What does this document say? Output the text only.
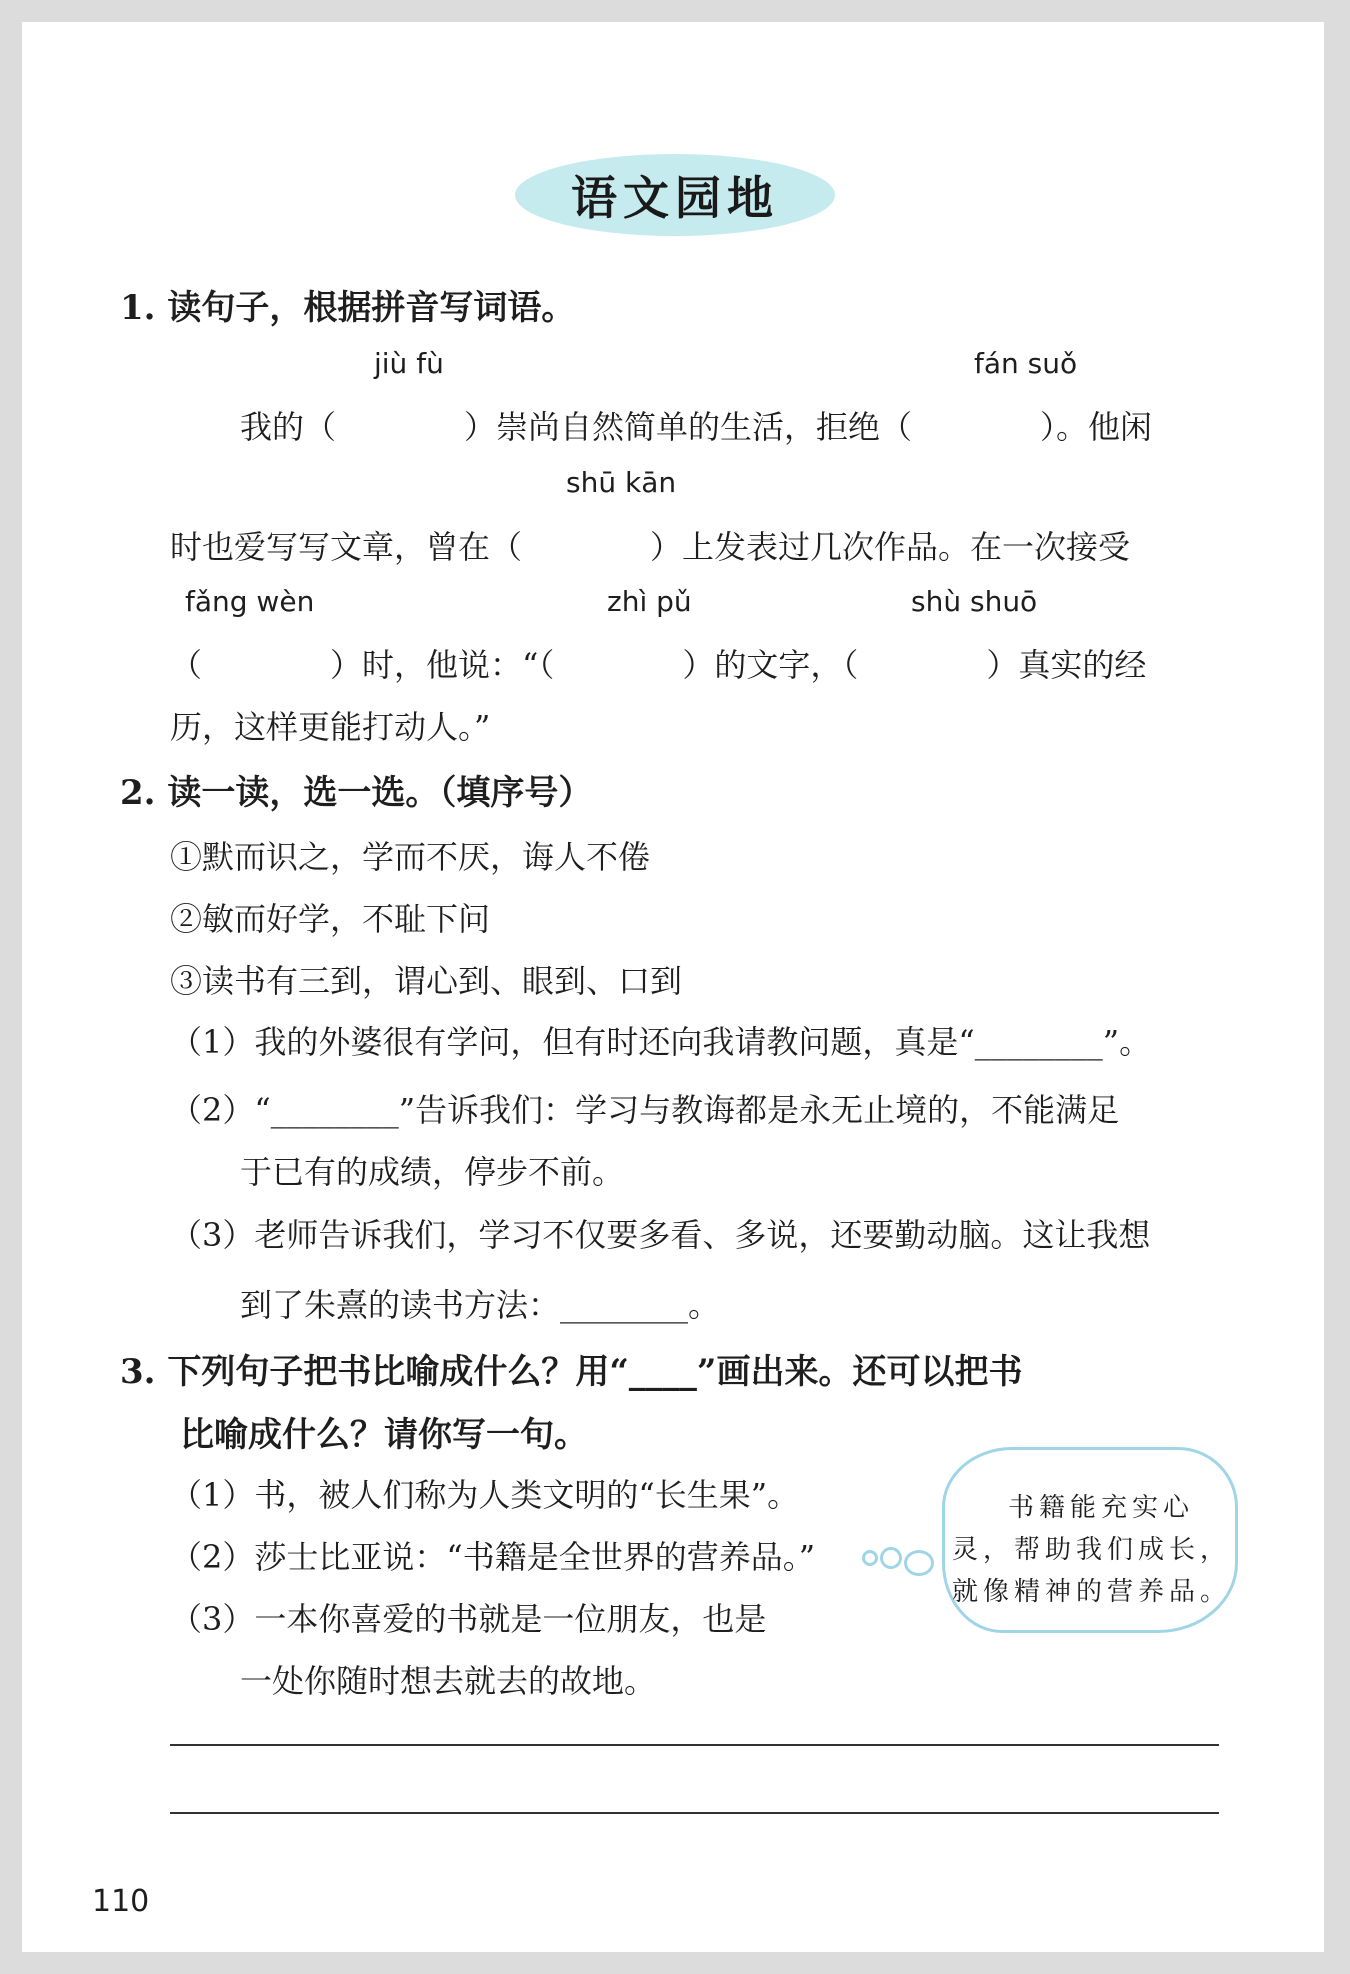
语文园地
1. 读句子，根据拼音写词语。
jiù fù	fán suǒ
我的（　　　　）崇尚自然简单的生活，拒绝（　　　　）。他闲
shū kān
时也爱写写文章，曾在（　　　　）上发表过几次作品。在一次接受
fǎng wèn	zhì pǔ	shù shuō
（　　　　）时，他说：“（　　　　）的文字，（　　　　）真实的经
历，这样更能打动人。”
2. 读一读，选一选。（填序号）
①默而识之，学而不厌，诲人不倦
②敏而好学，不耻下问
③读书有三到，谓心到、眼到、口到
（1）我的外婆很有学问，但有时还向我请教问题，真是“________”。
（2）“________”告诉我们：学习与教诲都是永无止境的，不能满足
于已有的成绩，停步不前。
（3）老师告诉我们，学习不仅要多看、多说，还要勤动脑。这让我想
到了朱熹的读书方法：________。
3. 下列句子把书比喻成什么？用“____”画出来。还可以把书
比喻成什么？请你写一句。
（1）书，被人们称为人类文明的“长生果”。
（2）莎士比亚说：“书籍是全世界的营养品。”
（3）一本你喜爱的书就是一位朋友，也是
一处你随时想去就去的故地。
书籍能充实心
灵，帮助我们成长，
就像精神的营养品。
110
